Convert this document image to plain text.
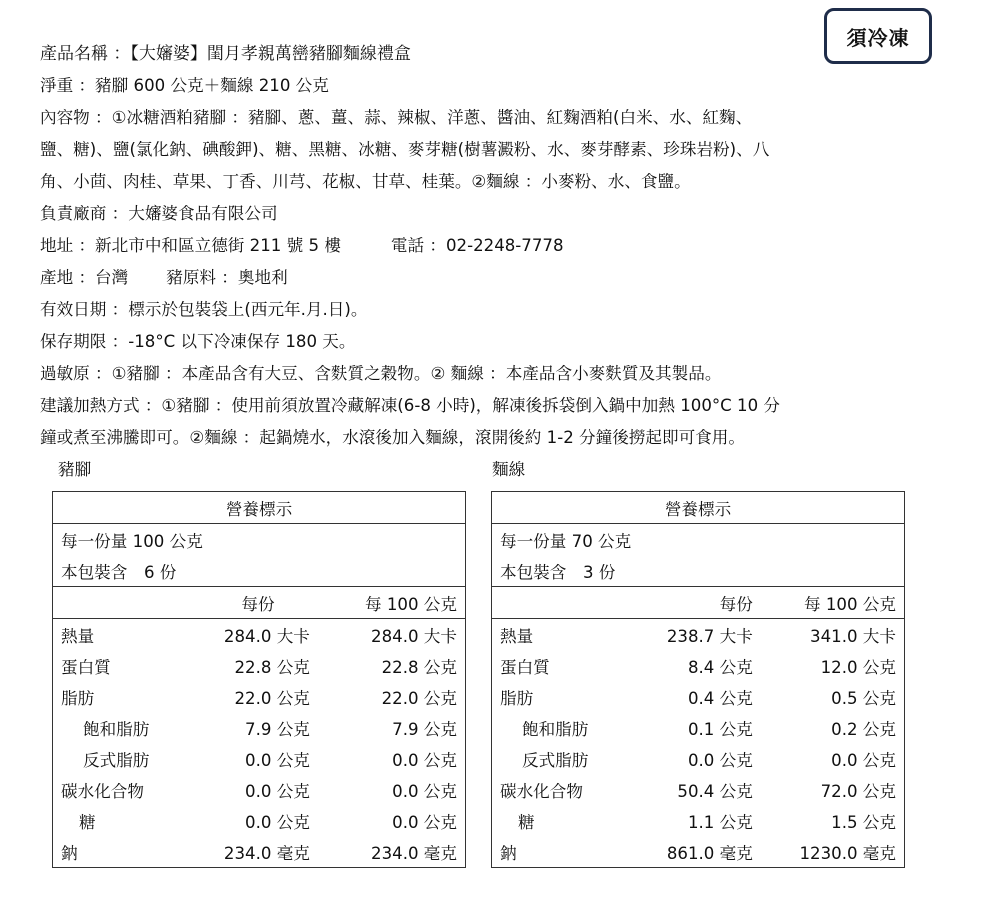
須冷凍
產品名稱 ：【大嬸婆】閨月孝親萬巒豬腳麵線禮盒
淨重 ：豬腳 600 公克＋麵線 210 公克
內容物 ：①冰糖酒粕豬腳 ：豬腳、蔥、薑、蒜、辣椒、洋蔥、醬油、紅麴酒粕(白米、水、紅麴、
鹽、糖)、鹽(氯化鈉、碘酸鉀)、糖、黑糖、冰糖、麥芽糖(樹薯澱粉、水、麥芽酵素、珍珠岩粉)、八
角、小茴、肉桂、草果、丁香、川芎、花椒、甘草、桂葉。②麵線 ：小麥粉、水、食鹽。
負責廠商 ：大嬸婆食品有限公司
地址 ：新北市中和區立德街 211 號 5 樓	電話 ：02-2248-7778
產地 ：台灣 豬原料 ：奧地利
有效日期 ：標示於包裝袋上(西元年.月.日)。
保存期限 ：-18°C 以下冷凍保存 180 天。
過敏原 ：①豬腳 ：本產品含有大豆、含麩質之穀物。② 麵線 ：本產品含小麥麩質及其製品。
建議加熱方式 ：①豬腳 ：使用前須放置冷藏解凍(6-8 小時)，解凍後拆袋倒入鍋中加熱 100°C 10 分
鐘或煮至沸騰即可。②麵線 ：起鍋燒水，水滾後加入麵線，滾開後約 1-2 分鐘後撈起即可食用。
豬腳
營養標示		
每一份量 100 公克		
本包裝含　6 份		
	每份	每 100 公克
熱量	284.0 大卡	284.0 大卡
蛋白質	22.8 公克	22.8 公克
脂肪	22.0 公克	22.0 公克
飽和脂肪	7.9 公克	7.9 公克
反式脂肪	0.0 公克	0.0 公克
碳水化合物	0.0 公克	0.0 公克
糖	0.0 公克	0.0 公克
鈉	234.0 毫克	234.0 毫克
麵線
營養標示		
每一份量 70 公克		
本包裝含　3 份		
	每份	每 100 公克
熱量	238.7 大卡	341.0 大卡
蛋白質	8.4 公克	12.0 公克
脂肪	0.4 公克	0.5 公克
飽和脂肪	0.1 公克	0.2 公克
反式脂肪	0.0 公克	0.0 公克
碳水化合物	50.4 公克	72.0 公克
糖	1.1 公克	1.5 公克
鈉	861.0 毫克	1230.0 毫克
